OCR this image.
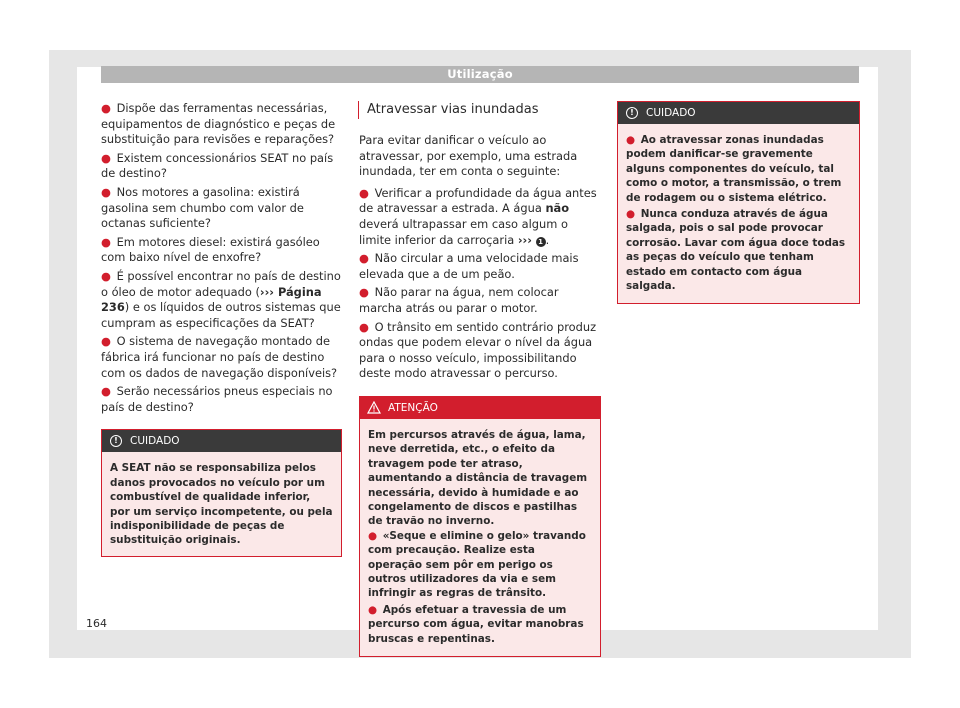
Utilização
● Dispõe das ferramentas necessárias, equipamentos de diagnóstico e peças de substituição para revisões e reparações?
● Existem concessionários SEAT no país de destino?
● Nos motores a gasolina: existirá gasolina sem chumbo com valor de octanas suficiente?
● Em motores diesel: existirá gasóleo com baixo nível de enxofre?
● É possível encontrar no país de destino o óleo de motor adequado (››› Página 236) e os líquidos de outros sistemas que cumpram as especificações da SEAT?
● O sistema de navegação montado de fábrica irá funcionar no país de destino com os dados de navegação disponíveis?
● Serão necessários pneus especiais no país de destino?
!	CUIDADO
A SEAT não se responsabiliza pelos danos provocados no veículo por um combustível de qualidade inferior, por um serviço incompetente, ou pela indisponibilidade de peças de substituição originais.
Atravessar vias inundadas
Para evitar danificar o veículo ao atravessar, por exemplo, uma estrada inundada, ter em conta o seguinte:
● Verificar a profundidade da água antes de atravessar a estrada. A água não deverá ultrapassar em caso algum o limite inferior da carroçaria ››› 1 .
● Não circular a uma velocidade mais elevada que a de um peão.
● Não parar na água, nem colocar marcha atrás ou parar o motor.
● O trânsito em sentido contrário produz ondas que podem elevar o nível da água para o nosso veículo, impossibilitando deste modo atravessar o percurso.
ATENÇÃO
Em percursos através de água, lama, neve derretida, etc., o efeito da travagem pode ter atraso, aumentando a distância de travagem necessária, devido à humidade e ao congelamento de discos e pastilhas de travão no inverno.
● «Seque e elimine o gelo» travando com precaução. Realize esta operação sem pôr em perigo os outros utilizadores da via e sem infringir as regras de trânsito.
● Após efetuar a travessia de um percurso com água, evitar manobras bruscas e repentinas.
!	CUIDADO
● Ao atravessar zonas inundadas podem danificar-se gravemente alguns componentes do veículo, tal como o motor, a transmissão, o trem de rodagem ou o sistema elétrico.
● Nunca conduza através de água salgada, pois o sal pode provocar corrosão. Lavar com água doce todas as peças do veículo que tenham estado em contacto com água salgada.
164
